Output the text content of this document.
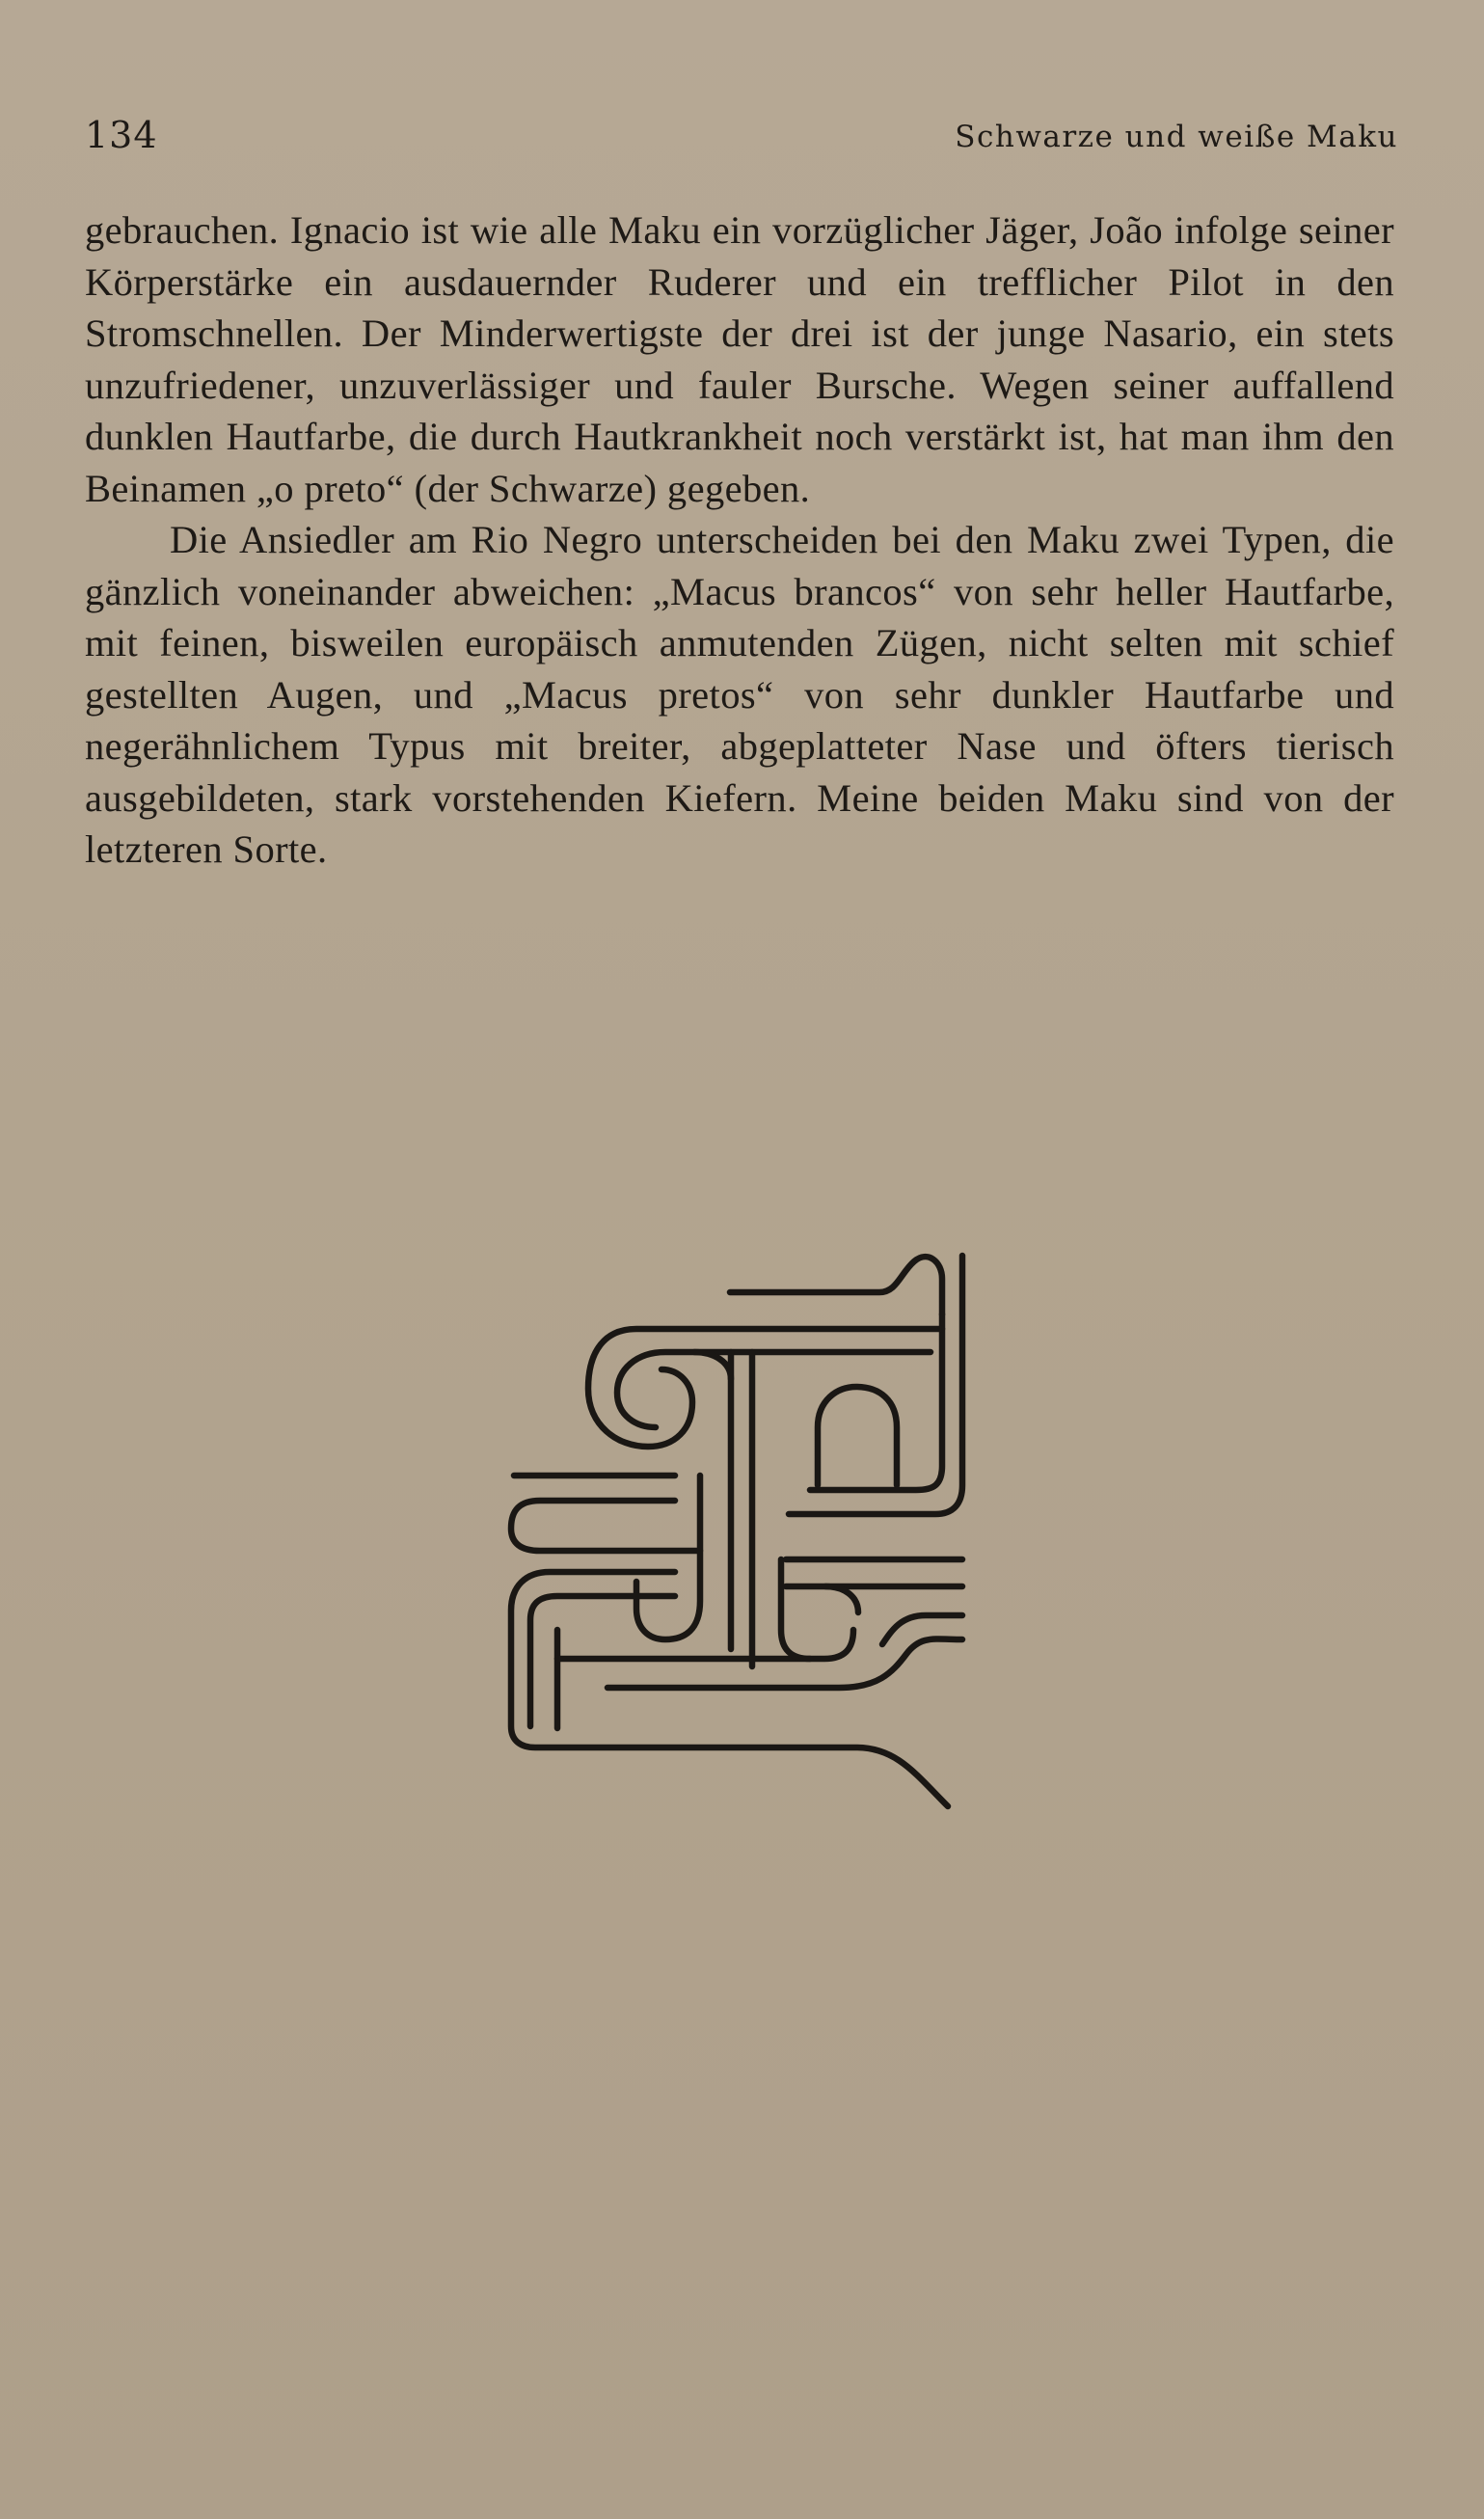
134	Schwarze und weiße Maku

gebrauchen. Ignacio ist wie alle Maku ein vorzüglicher Jäger, João infolge seiner Körperstärke ein ausdauernder Ruderer und ein trefflicher Pilot in den Stromschnellen. Der Minderwertigste der drei ist der junge Nasario, ein stets unzufriedener, unzuverlässiger und fauler Bursche. Wegen seiner auffallend dunklen Hautfarbe, die durch Hautkrankheit noch verstärkt ist, hat man ihm den Beinamen „o preto“ (der Schwarze) gegeben.

Die Ansiedler am Rio Negro unterscheiden bei den Maku zwei Typen, die gänzlich voneinander abweichen: „Macus brancos“ von sehr heller Hautfarbe, mit feinen, bisweilen europäisch anmutenden Zügen, nicht selten mit schief gestellten Augen, und „Macus pretos“ von sehr dunkler Hautfarbe und negerähnlichem Typus mit breiter, abgeplatteter Nase und öfters tierisch ausgebildeten, stark vorstehenden Kiefern. Meine beiden Maku sind von der letzteren Sorte.
